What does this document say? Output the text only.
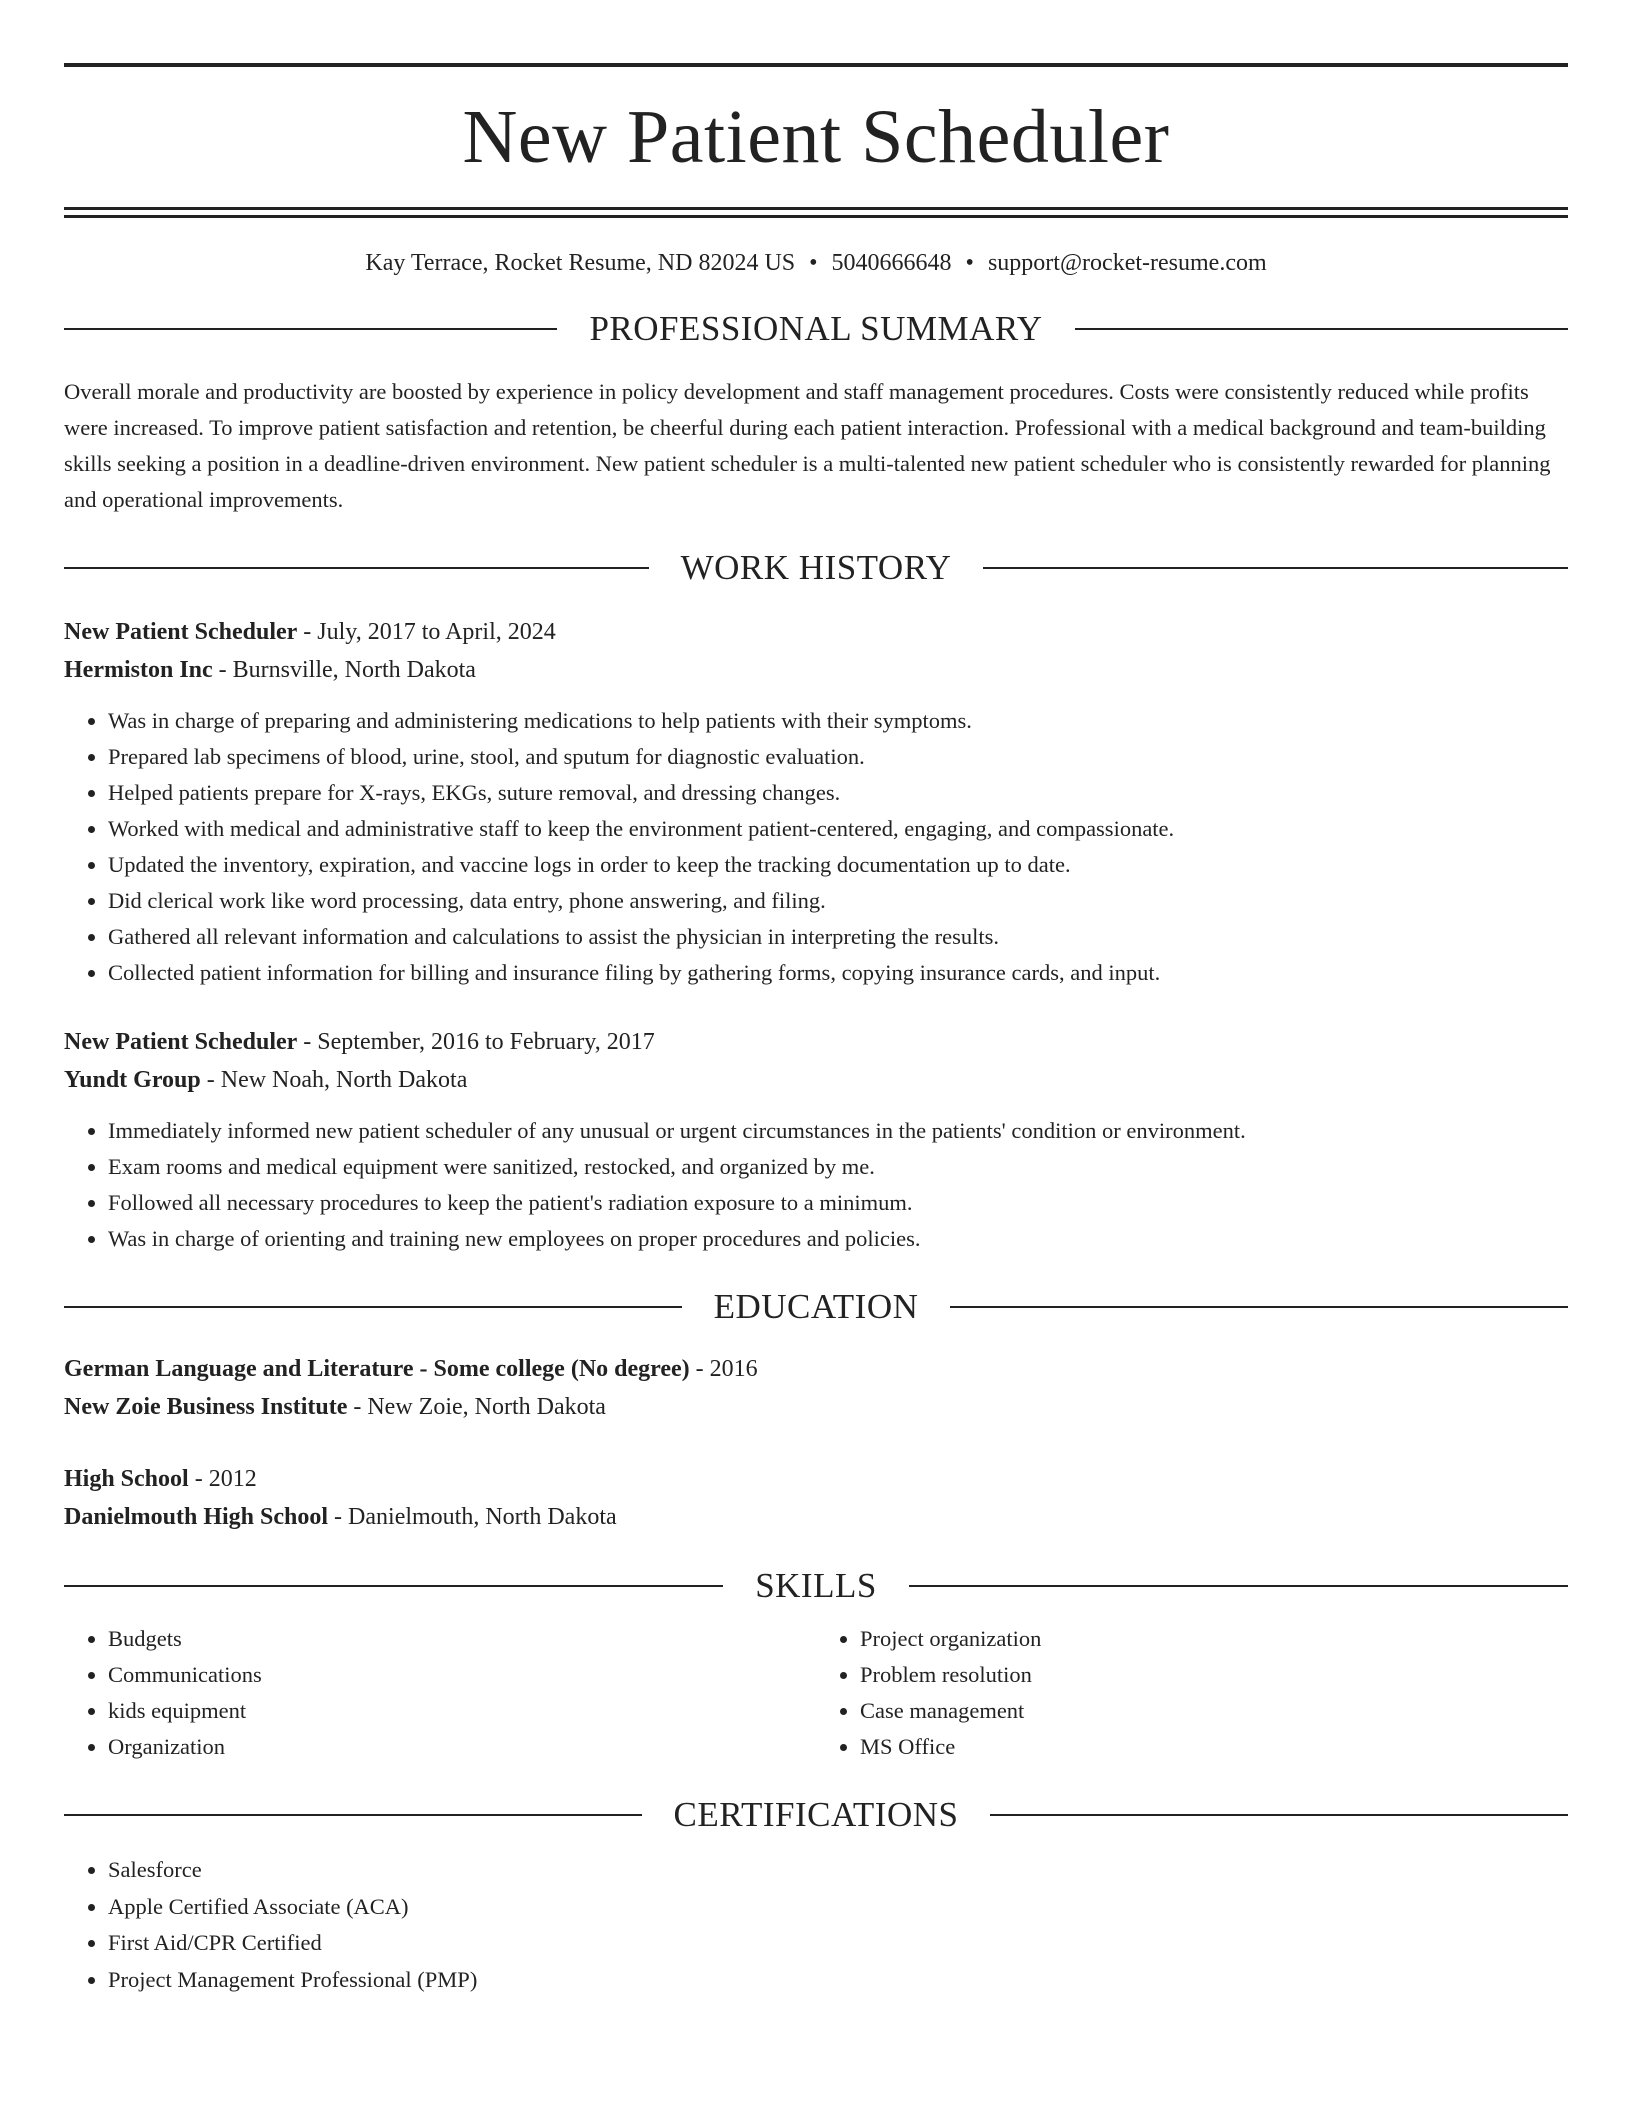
New Patient Scheduler
Kay Terrace, Rocket Resume, ND 82024 US • 5040666648 • support@rocket-resume.com
PROFESSIONAL SUMMARY
Overall morale and productivity are boosted by experience in policy development and staff management procedures. Costs were consistently reduced while profits were increased. To improve patient satisfaction and retention, be cheerful during each patient interaction. Professional with a medical background and team-building skills seeking a position in a deadline-driven environment. New patient scheduler is a multi-talented new patient scheduler who is consistently rewarded for planning and operational improvements.
WORK HISTORY
New Patient Scheduler - July, 2017 to April, 2024
Hermiston Inc - Burnsville, North Dakota
• Was in charge of preparing and administering medications to help patients with their symptoms.
• Prepared lab specimens of blood, urine, stool, and sputum for diagnostic evaluation.
• Helped patients prepare for X-rays, EKGs, suture removal, and dressing changes.
• Worked with medical and administrative staff to keep the environment patient-centered, engaging, and compassionate.
• Updated the inventory, expiration, and vaccine logs in order to keep the tracking documentation up to date.
• Did clerical work like word processing, data entry, phone answering, and filing.
• Gathered all relevant information and calculations to assist the physician in interpreting the results.
• Collected patient information for billing and insurance filing by gathering forms, copying insurance cards, and input.
New Patient Scheduler - September, 2016 to February, 2017
Yundt Group - New Noah, North Dakota
• Immediately informed new patient scheduler of any unusual or urgent circumstances in the patients' condition or environment.
• Exam rooms and medical equipment were sanitized, restocked, and organized by me.
• Followed all necessary procedures to keep the patient's radiation exposure to a minimum.
• Was in charge of orienting and training new employees on proper procedures and policies.
EDUCATION
German Language and Literature - Some college (No degree) - 2016
New Zoie Business Institute - New Zoie, North Dakota
High School - 2012
Danielmouth High School - Danielmouth, North Dakota
SKILLS
• Budgets
• Communications
• kids equipment
• Organization
• Project organization
• Problem resolution
• Case management
• MS Office
CERTIFICATIONS
• Salesforce
• Apple Certified Associate (ACA)
• First Aid/CPR Certified
• Project Management Professional (PMP)
